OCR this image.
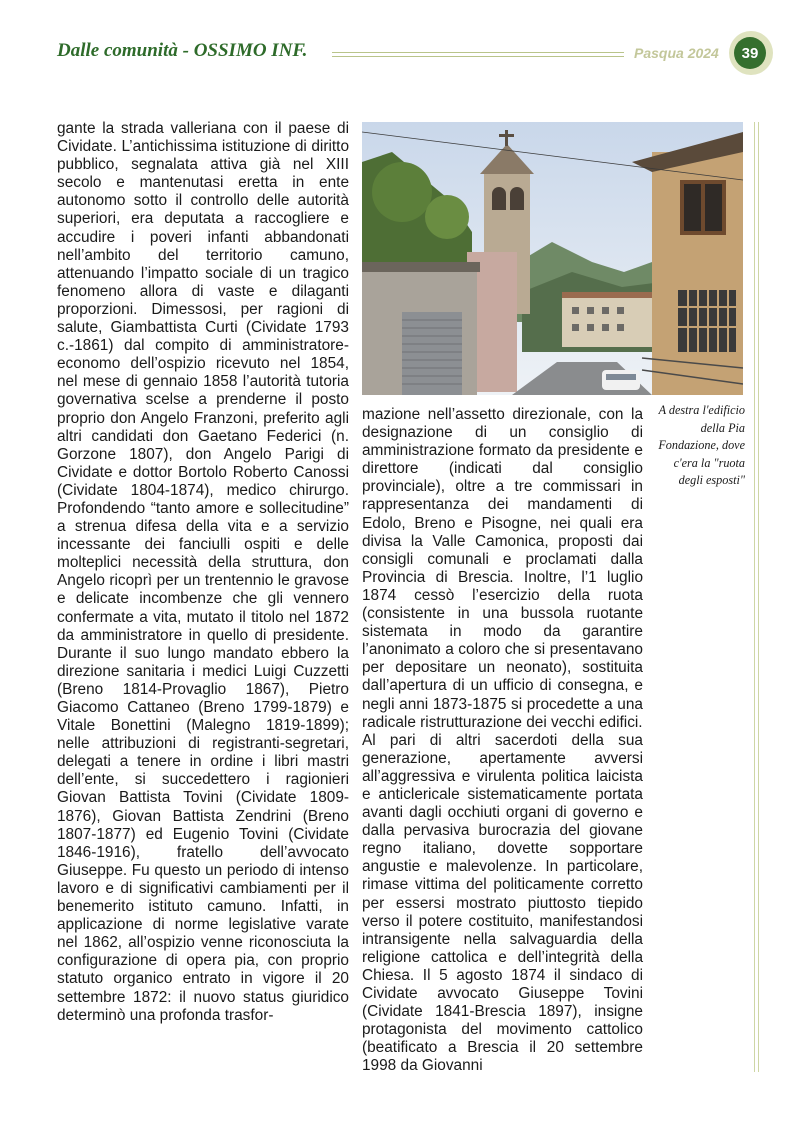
Dalle comunità - OSSIMO INF.	Pasqua 2024	39

gante la strada valleriana con il paese di Cividate. L’antichissima istituzione di diritto pubblico, segnalata attiva già nel XIII secolo e mantenutasi eretta in ente autonomo sotto il controllo delle autorità superiori, era deputata a raccogliere e accudire i poveri infanti abbandonati nell’ambito del territorio camuno, attenuando l’impatto sociale di un tragico fenomeno allora di vaste e dilaganti proporzioni. Dimessosi, per ragioni di salute, Giambattista Curti (Cividate 1793 c.-1861) dal compito di amministratore-economo dell’ospizio ricevuto nel 1854, nel mese di gennaio 1858 l’autorità tutoria governativa scelse a prenderne il posto proprio don Angelo Franzoni, preferito agli altri candidati don Gaetano Federici (n. Gorzone 1807), don Angelo Parigi di Cividate e dottor Bortolo Roberto Canossi (Cividate 1804-1874), medico chirurgo. Profondendo “tanto amore e sollecitudine” a strenua difesa della vita e a servizio incessante dei fanciulli ospiti e delle molteplici necessità della struttura, don Angelo ricoprì per un trentennio le gravose e delicate incombenze che gli vennero confermate a vita, mutato il titolo nel 1872 da amministratore in quello di presidente. Durante il suo lungo mandato ebbero la direzione sanitaria i medici Luigi Cuzzetti (Breno 1814-Provaglio 1867), Pietro Giacomo Cattaneo (Breno 1799-1879) e Vitale Bonettini (Malegno 1819-1899); nelle attribuzioni di registranti-segretari, delegati a tenere in ordine i libri mastri dell’ente, si succedettero i ragionieri Giovan Battista Tovini (Cividate 1809-1876), Giovan Battista Zendrini (Breno 1807-1877) ed Eugenio Tovini (Cividate 1846-1916), fratello dell’avvocato Giuseppe. Fu questo un periodo di intenso lavoro e di significativi cambiamenti per il benemerito istituto camuno. Infatti, in applicazione di norme legislative varate nel 1862, all’ospizio venne riconosciuta la configurazione di opera pia, con proprio statuto organico entrato in vigore il 20 settembre 1872: il nuovo status giuridico determinò una profonda trasfor-

A destra l'edificio della Pia Fondazione, dove c'era la "ruota degli esposti"

mazione nell’assetto direzionale, con la designazione di un consiglio di amministrazione formato da presidente e direttore (indicati dal consiglio provinciale), oltre a tre commissari in rappresentanza dei mandamenti di Edolo, Breno e Pisogne, nei quali era divisa la Valle Camonica, proposti dai consigli comunali e proclamati dalla Provincia di Brescia. Inoltre, l’1 luglio 1874 cessò l’esercizio della ruota (consistente in una bussola ruotante sistemata in modo da garantire l’anonimato a coloro che si presentavano per depositare un neonato), sostituita dall’apertura di un ufficio di consegna, e negli anni 1873-1875 si procedette a una radicale ristrutturazione dei vecchi edifici.

Al pari di altri sacerdoti della sua generazione, apertamente avversi all’aggressiva e virulenta politica laicista e anticlericale sistematicamente portata avanti dagli occhiuti organi di governo e dalla pervasiva burocrazia del giovane regno italiano, dovette sopportare angustie e malevolenze. In particolare, rimase vittima del politicamente corretto per essersi mostrato piuttosto tiepido verso il potere costituito, manifestandosi intransigente nella salvaguardia della religione cattolica e dell’integrità della Chiesa. Il 5 agosto 1874 il sindaco di Cividate avvocato Giuseppe Tovini (Cividate 1841-Brescia 1897), insigne protagonista del movimento cattolico (beatificato a Brescia il 20 settembre 1998 da Giovanni
